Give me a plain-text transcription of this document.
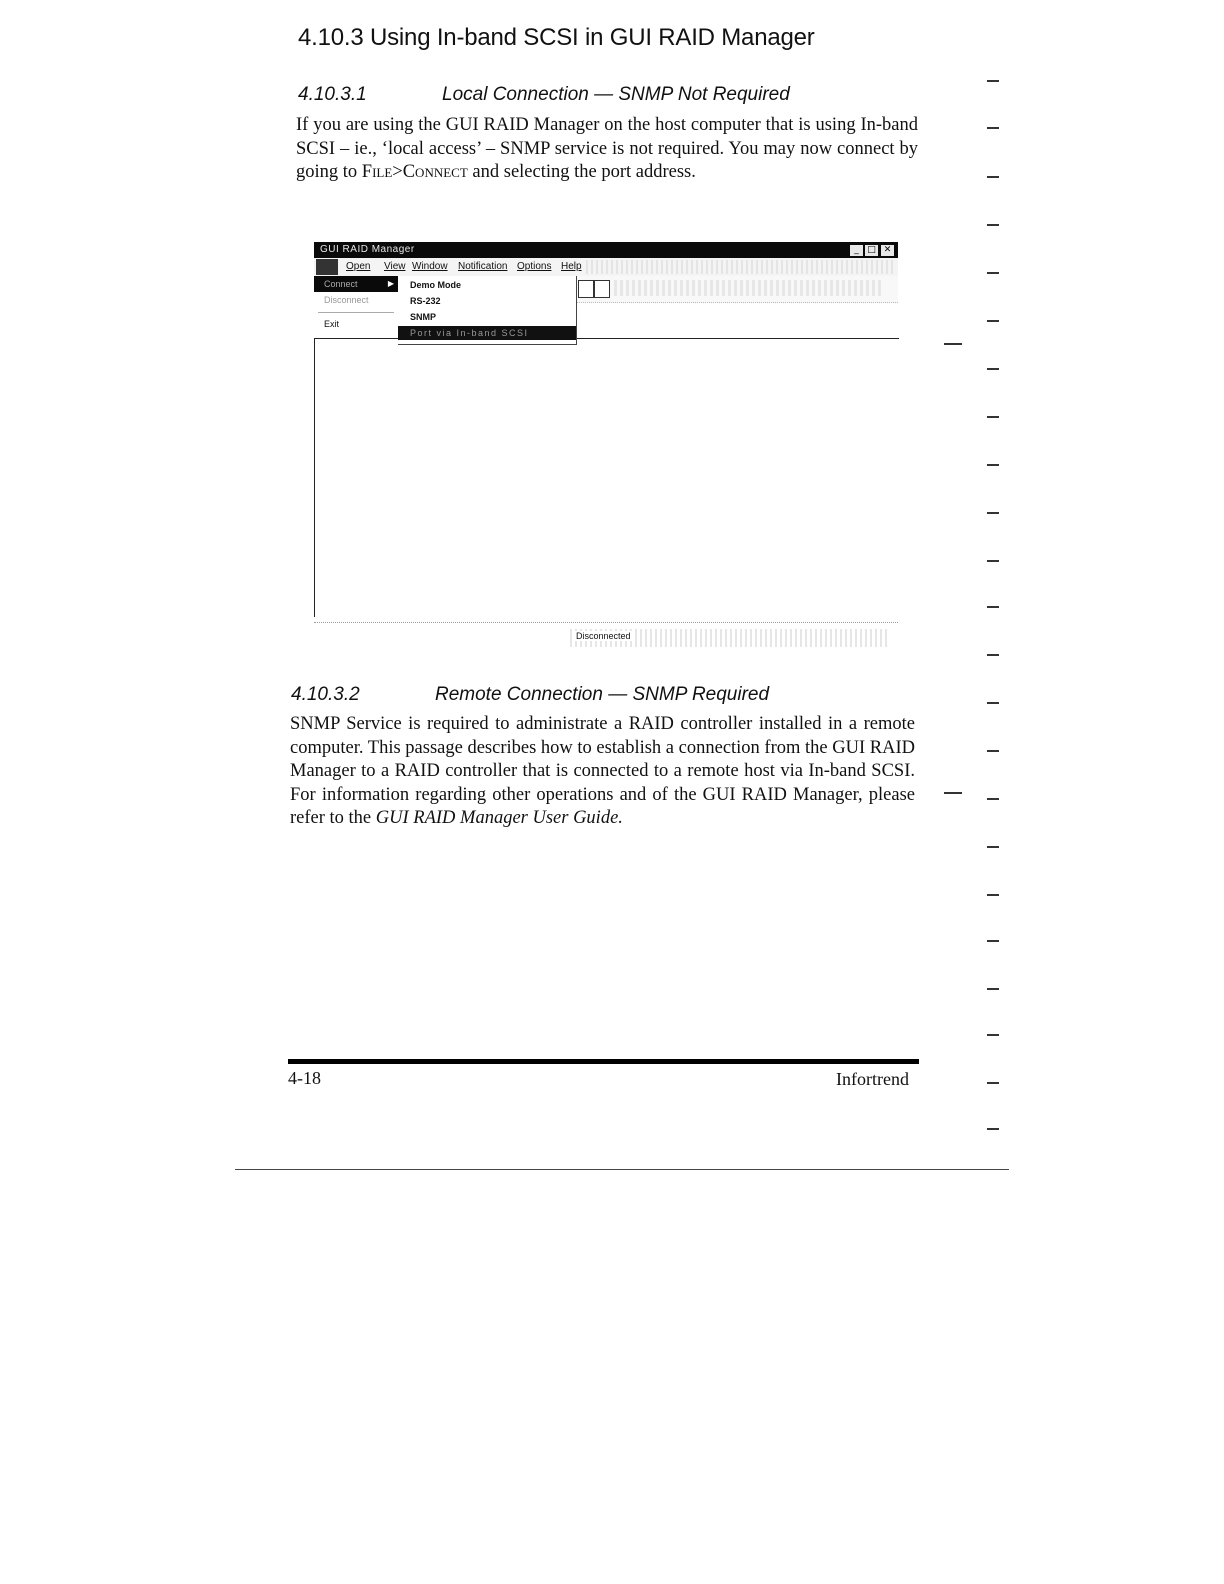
4.10.3 Using In-band SCSI in GUI RAID Manager
4.10.3.1	Local Connection — SNMP Not Required

If you are using the GUI RAID Manager on the host computer that is using In-band SCSI – ie., ‘local access’ – SNMP service is not required. You may now connect by going to File>Connect and selecting the port address.

GUI RAID Manager	_ □ ✕
Open View Window Notification Options Help
Connect	▶
Disconnect
Exit
Demo Mode
RS-232
SNMP
Port via In-band SCSI
Disconnected
4.10.3.2	Remote Connection — SNMP Required

SNMP Service is required to administrate a RAID controller installed in a remote computer. This passage describes how to establish a connection from the GUI RAID Manager to a RAID controller that is connected to a remote host via In-band SCSI. For information regarding other operations and of the GUI RAID Manager, please refer to the GUI RAID Manager User Guide.

4-18	Infortrend
